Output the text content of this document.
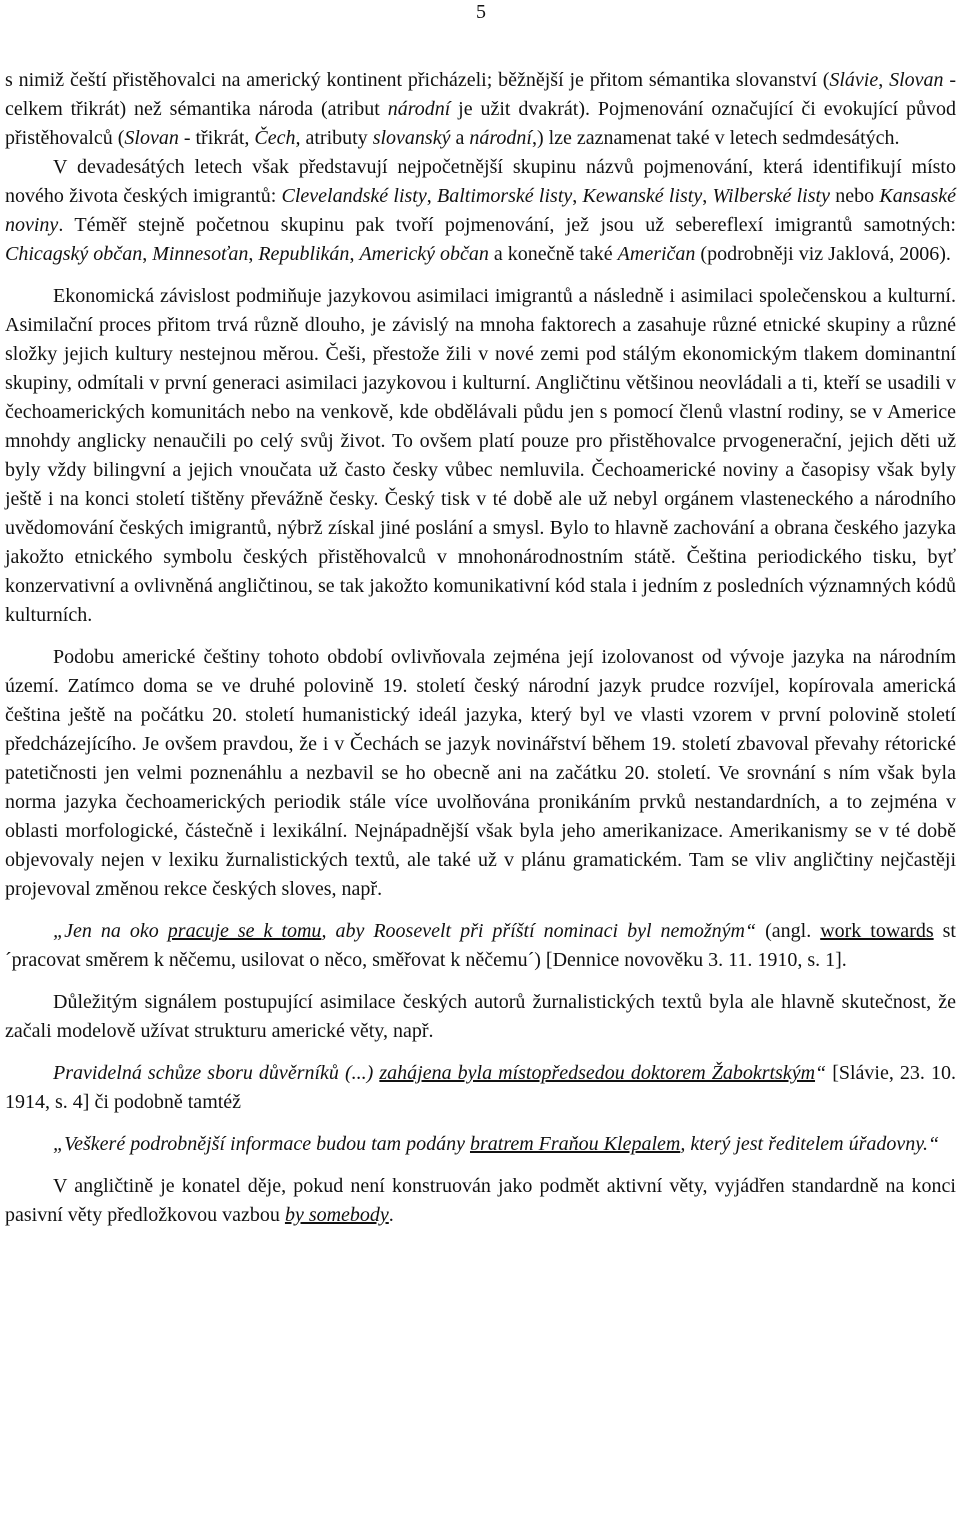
5

s nimiž čeští přistěhovalci na americký kontinent přicházeli; běžnější je přitom sémantika slovanství (Slávie, Slovan - celkem třikrát) než sémantika národa (atribut národní je užit dvakrát). Pojmenování označující či evokující původ přistěhovalců (Slovan - třikrát, Čech, atributy slovanský a národní,) lze zaznamenat také v letech sedmdesátých.

V devadesátých letech však představují nejpočetnější skupinu názvů pojmenování, která identifikují místo nového života českých imigrantů: Clevelandské listy, Baltimorské listy, Kewanské listy, Wilberské listy nebo Kansaské noviny. Téměř stejně početnou skupinu pak tvoří pojmenování, jež jsou už sebereflexí imigrantů samotných: Chicagský občan, Minnesoťan, Republikán, Americký občan a konečně také Američan (podrobněji viz Jaklová, 2006).

Ekonomická závislost podmiňuje jazykovou asimilaci imigrantů a následně i asimilaci společenskou a kulturní. Asimilační proces přitom trvá různě dlouho, je závislý na mnoha faktorech a zasahuje různé etnické skupiny a různé složky jejich kultury nestejnou měrou. Češi, přestože žili v nové zemi pod stálým ekonomickým tlakem dominantní skupiny, odmítali v první generaci asimilaci jazykovou i kulturní. Angličtinu většinou neovládali a ti, kteří se usadili v čechoamerických komunitách nebo na venkově, kde obdělávali půdu jen s pomocí členů vlastní rodiny, se v Americe mnohdy anglicky nenaučili po celý svůj život. To ovšem platí pouze pro přistěhovalce prvogenerační, jejich děti už byly vždy bilingvní a jejich vnoučata už často česky vůbec nemluvila. Čechoamerické noviny a časopisy však byly ještě i na konci století tištěny převážně česky. Český tisk v té době ale už nebyl orgánem vlasteneckého a národního uvědomování českých imigrantů, nýbrž získal jiné poslání a smysl. Bylo to hlavně zachování a obrana českého jazyka jakožto etnického symbolu českých přistěhovalců v mnohonárodnostním státě. Čeština periodického tisku, byť konzervativní a ovlivněná angličtinou, se tak jakožto komunikativní kód stala i jedním z posledních významných kódů kulturních.

Podobu americké češtiny tohoto období ovlivňovala zejména její izolovanost od vývoje jazyka na národním území. Zatímco doma se ve druhé polovině 19. století český národní jazyk prudce rozvíjel, kopírovala americká čeština ještě na počátku 20. století humanistický ideál jazyka, který byl ve vlasti vzorem v první polovině století předcházejícího. Je ovšem pravdou, že i v Čechách se jazyk novinářství během 19. století zbavoval převahy rétorické patetičnosti jen velmi poznenáhlu a nezbavil se ho obecně ani na začátku 20. století. Ve srovnání s ním však byla norma jazyka čechoamerických periodik stále více uvolňována pronikáním prvků nestandardních, a to zejména v oblasti morfologické, částečně i lexikální. Nejnápadnější však byla jeho amerikanizace. Amerikanismy se v té době objevovaly nejen v lexiku žurnalistických textů, ale také už v plánu gramatickém. Tam se vliv angličtiny nejčastěji projevoval změnou rekce českých sloves, např.

„Jen na oko pracuje se k tomu, aby Roosevelt při příští nominaci byl nemožným“ (angl. work towards st ´pracovat směrem k něčemu, usilovat o něco, směřovat k něčemu´) [Dennice novověku 3. 11. 1910, s. 1].

Důležitým signálem postupující asimilace českých autorů žurnalistických textů byla ale hlavně skutečnost, že začali modelově užívat strukturu americké věty, např.

Pravidelná schůze sboru důvěrníků (...) zahájena byla místopředsedou doktorem Žabokrtským“ [Slávie, 23. 10. 1914, s. 4] či podobně tamtéž

„Veškeré podrobnější informace budou tam podány bratrem Fraňou Klepalem, který jest ředitelem úřadovny.“

V angličtině je konatel děje, pokud není konstruován jako podmět aktivní věty, vyjádřen standardně na konci pasivní věty předložkovou vazbou by somebody.
